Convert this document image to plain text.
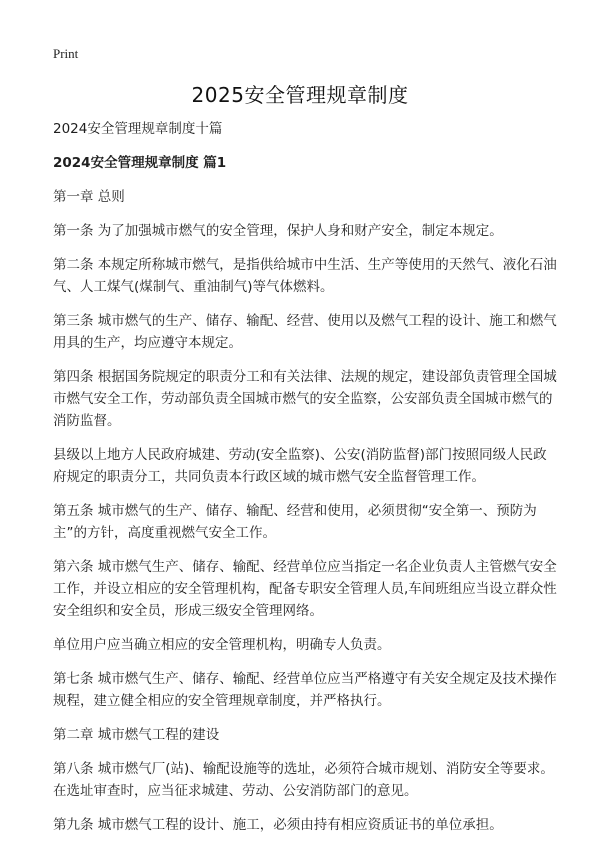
Print
2025安全管理规章制度

2024安全管理规章制度十篇

2024安全管理规章制度 篇1

第一章 总则

第一条 为了加强城市燃气的安全管理，保护人身和财产安全，制定本规定。

第二条 本规定所称城市燃气，是指供给城市中生活、生产等使用的天然气、液化石油气、人工煤气(煤制气、重油制气)等气体燃料。

第三条 城市燃气的生产、储存、输配、经营、使用以及燃气工程的设计、施工和燃气用具的生产，均应遵守本规定。

第四条 根据国务院规定的职责分工和有关法律、法规的规定，建设部负责管理全国城市燃气安全工作，劳动部负责全国城市燃气的安全监察，公安部负责全国城市燃气的消防监督。

县级以上地方人民政府城建、劳动(安全监察)、公安(消防监督)部门按照同级人民政府规定的职责分工，共同负责本行政区域的城市燃气安全监督管理工作。

第五条 城市燃气的生产、储存、输配、经营和使用，必须贯彻“安全第一、预防为主”的方针，高度重视燃气安全工作。

第六条 城市燃气生产、储存、输配、经营单位应当指定一名企业负责人主管燃气安全工作，并设立相应的安全管理机构，配备专职安全管理人员,车间班组应当设立群众性安全组织和安全员，形成三级安全管理网络。

单位用户应当确立相应的安全管理机构，明确专人负责。

第七条 城市燃气生产、储存、输配、经营单位应当严格遵守有关安全规定及技术操作规程，建立健全相应的安全管理规章制度，并严格执行。

第二章 城市燃气工程的建设

第八条 城市燃气厂(站)、输配设施等的选址，必须符合城市规划、消防安全等要求。在选址审查时，应当征求城建、劳动、公安消防部门的意见。

第九条 城市燃气工程的设计、施工，必须由持有相应资质证书的单位承担。
